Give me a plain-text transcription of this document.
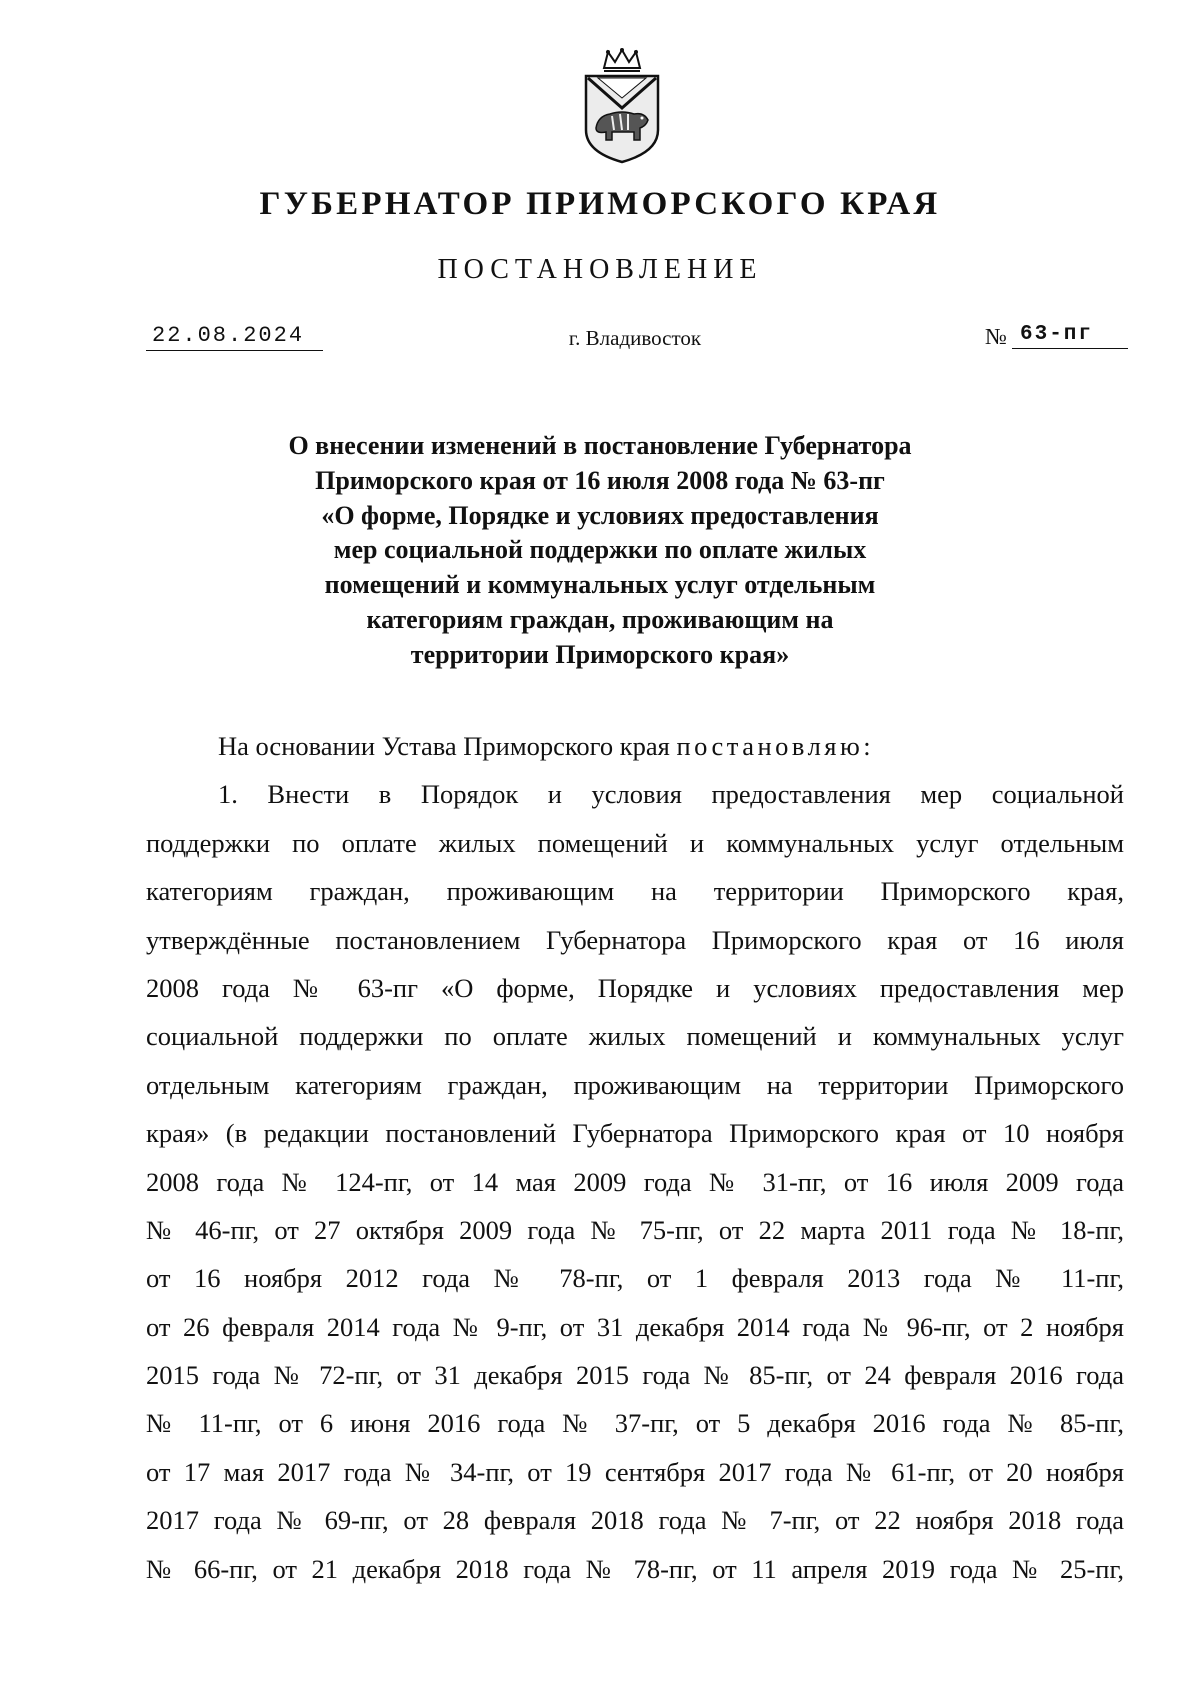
ГУБЕРНАТОР ПРИМОРСКОГО КРАЯ
ПОСТАНОВЛЕНИЕ
22.08.2024	г. Владивосток	№ 63-пг
О внесении изменений в постановление Губернатора
Приморского края от 16 июля 2008 года № 63-пг
«О форме, Порядке и условиях предоставления
мер социальной поддержки по оплате жилых
помещений и коммунальных услуг отдельным
категориям граждан, проживающим на
территории Приморского края»
На основании Устава Приморского края постановляю:
1. Внести в Порядок и условия предоставления мер социальной
поддержки по оплате жилых помещений и коммунальных услуг отдельным
категориям граждан, проживающим на территории Приморского края,
утверждённые постановлением Губернатора Приморского края от 16 июля
2008 года № 63-пг «О форме, Порядке и условиях предоставления мер
социальной поддержки по оплате жилых помещений и коммунальных услуг
отдельным категориям граждан, проживающим на территории Приморского
края» (в редакции постановлений Губернатора Приморского края от 10 ноября
2008 года № 124-пг, от 14 мая 2009 года № 31-пг, от 16 июля 2009 года
№ 46-пг, от 27 октября 2009 года № 75-пг, от 22 марта 2011 года № 18-пг,
от 16 ноября 2012 года № 78-пг, от 1 февраля 2013 года № 11-пг,
от 26 февраля 2014 года № 9-пг, от 31 декабря 2014 года № 96-пг, от 2 ноября
2015 года № 72-пг, от 31 декабря 2015 года № 85-пг, от 24 февраля 2016 года
№ 11-пг, от 6 июня 2016 года № 37-пг, от 5 декабря 2016 года № 85-пг,
от 17 мая 2017 года № 34-пг, от 19 сентября 2017 года № 61-пг, от 20 ноября
2017 года № 69-пг, от 28 февраля 2018 года № 7-пг, от 22 ноября 2018 года
№ 66-пг, от 21 декабря 2018 года № 78-пг, от 11 апреля 2019 года № 25-пг,
